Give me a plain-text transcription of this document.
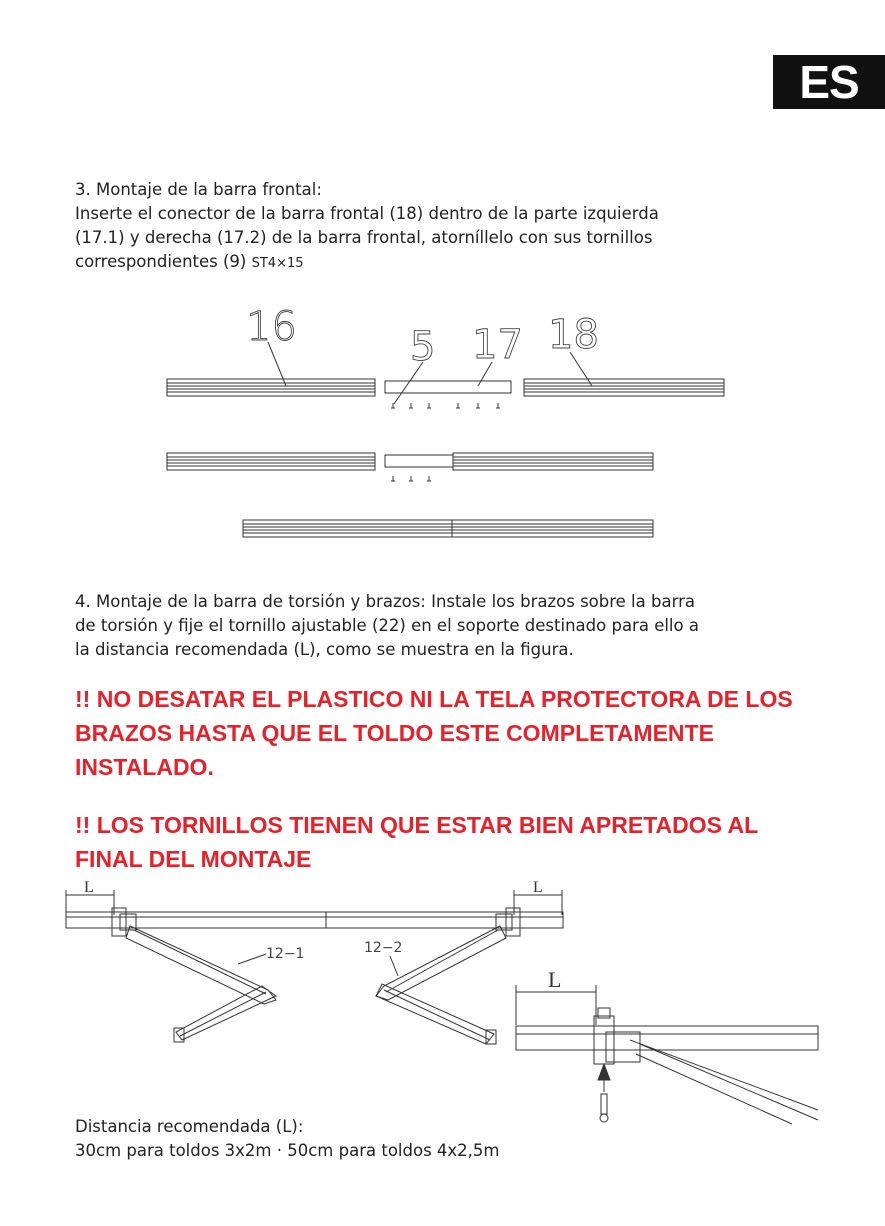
ES
3. Montaje de la barra frontal:
Inserte el conector de la barra frontal (18) dentro de la parte izquierda
(17.1) y derecha (17.2) de la barra frontal, atorníllelo con sus tornillos
correspondientes (9) ST4×15
16	5 17 18
4. Montaje de la barra de torsión y brazos: Instale los brazos sobre la barra
de torsión y fije el tornillo ajustable (22) en el soporte destinado para ello a
la distancia recomendada (L), como se muestra en la figura.
!! NO DESATAR EL PLASTICO NI LA TELA PROTECTORA DE LOS
BRAZOS HASTA QUE EL TOLDO ESTE COMPLETAMENTE
INSTALADO.
!! LOS TORNILLOS TIENEN QUE ESTAR BIEN APRETADOS AL
FINAL DEL MONTAJE
L	L
12−1	12−2
L
Distancia recomendada (L):
30cm para toldos 3x2m · 50cm para toldos 4x2,5m
